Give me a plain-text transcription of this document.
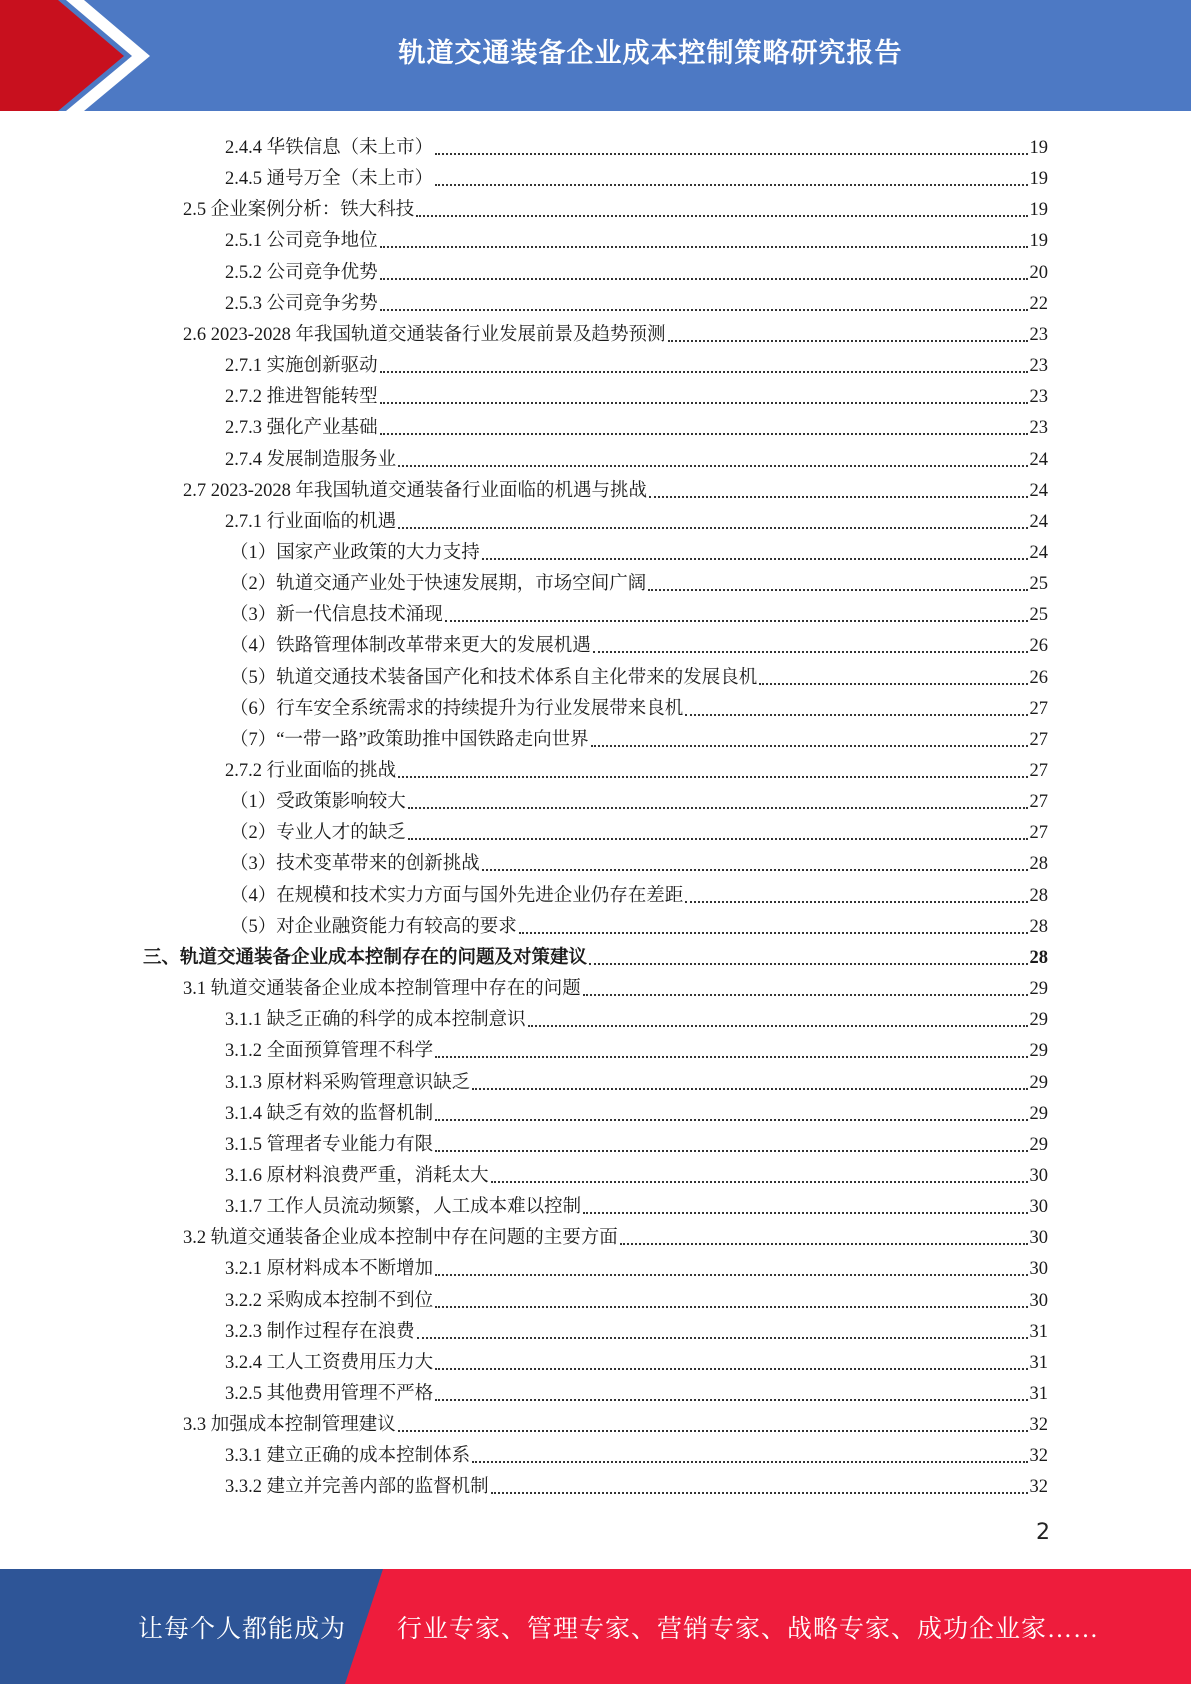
轨道交通装备企业成本控制策略研究报告
2.4.4 华铁信息（未上市）	19
2.4.5 通号万全（未上市）	19
2.5 企业案例分析：铁大科技	19
2.5.1 公司竞争地位	19
2.5.2 公司竞争优势	20
2.5.3 公司竞争劣势	22
2.6 2023-2028 年我国轨道交通装备行业发展前景及趋势预测	23
2.7.1 实施创新驱动	23
2.7.2 推进智能转型	23
2.7.3 强化产业基础	23
2.7.4 发展制造服务业	24
2.7 2023-2028 年我国轨道交通装备行业面临的机遇与挑战	24
2.7.1 行业面临的机遇	24
（1）国家产业政策的大力支持	24
（2）轨道交通产业处于快速发展期，市场空间广阔	25
（3）新一代信息技术涌现	25
（4）铁路管理体制改革带来更大的发展机遇	26
（5）轨道交通技术装备国产化和技术体系自主化带来的发展良机	26
（6）行车安全系统需求的持续提升为行业发展带来良机	27
（7）“一带一路”政策助推中国铁路走向世界	27
2.7.2 行业面临的挑战	27
（1）受政策影响较大	27
（2）专业人才的缺乏	27
（3）技术变革带来的创新挑战	28
（4）在规模和技术实力方面与国外先进企业仍存在差距	28
（5）对企业融资能力有较高的要求	28
三、轨道交通装备企业成本控制存在的问题及对策建议	28
3.1 轨道交通装备企业成本控制管理中存在的问题	29
3.1.1 缺乏正确的科学的成本控制意识	29
3.1.2 全面预算管理不科学	29
3.1.3 原材料采购管理意识缺乏	29
3.1.4 缺乏有效的监督机制	29
3.1.5 管理者专业能力有限	29
3.1.6 原材料浪费严重，消耗太大	30
3.1.7 工作人员流动频繁，人工成本难以控制	30
3.2 轨道交通装备企业成本控制中存在问题的主要方面	30
3.2.1 原材料成本不断增加	30
3.2.2 采购成本控制不到位	30
3.2.3 制作过程存在浪费	31
3.2.4 工人工资费用压力大	31
3.2.5 其他费用管理不严格	31
3.3 加强成本控制管理建议	32
3.3.1 建立正确的成本控制体系	32
3.3.2 建立并完善内部的监督机制	32
2
让每个人都能成为 行业专家、管理专家、营销专家、战略专家、成功企业家……
